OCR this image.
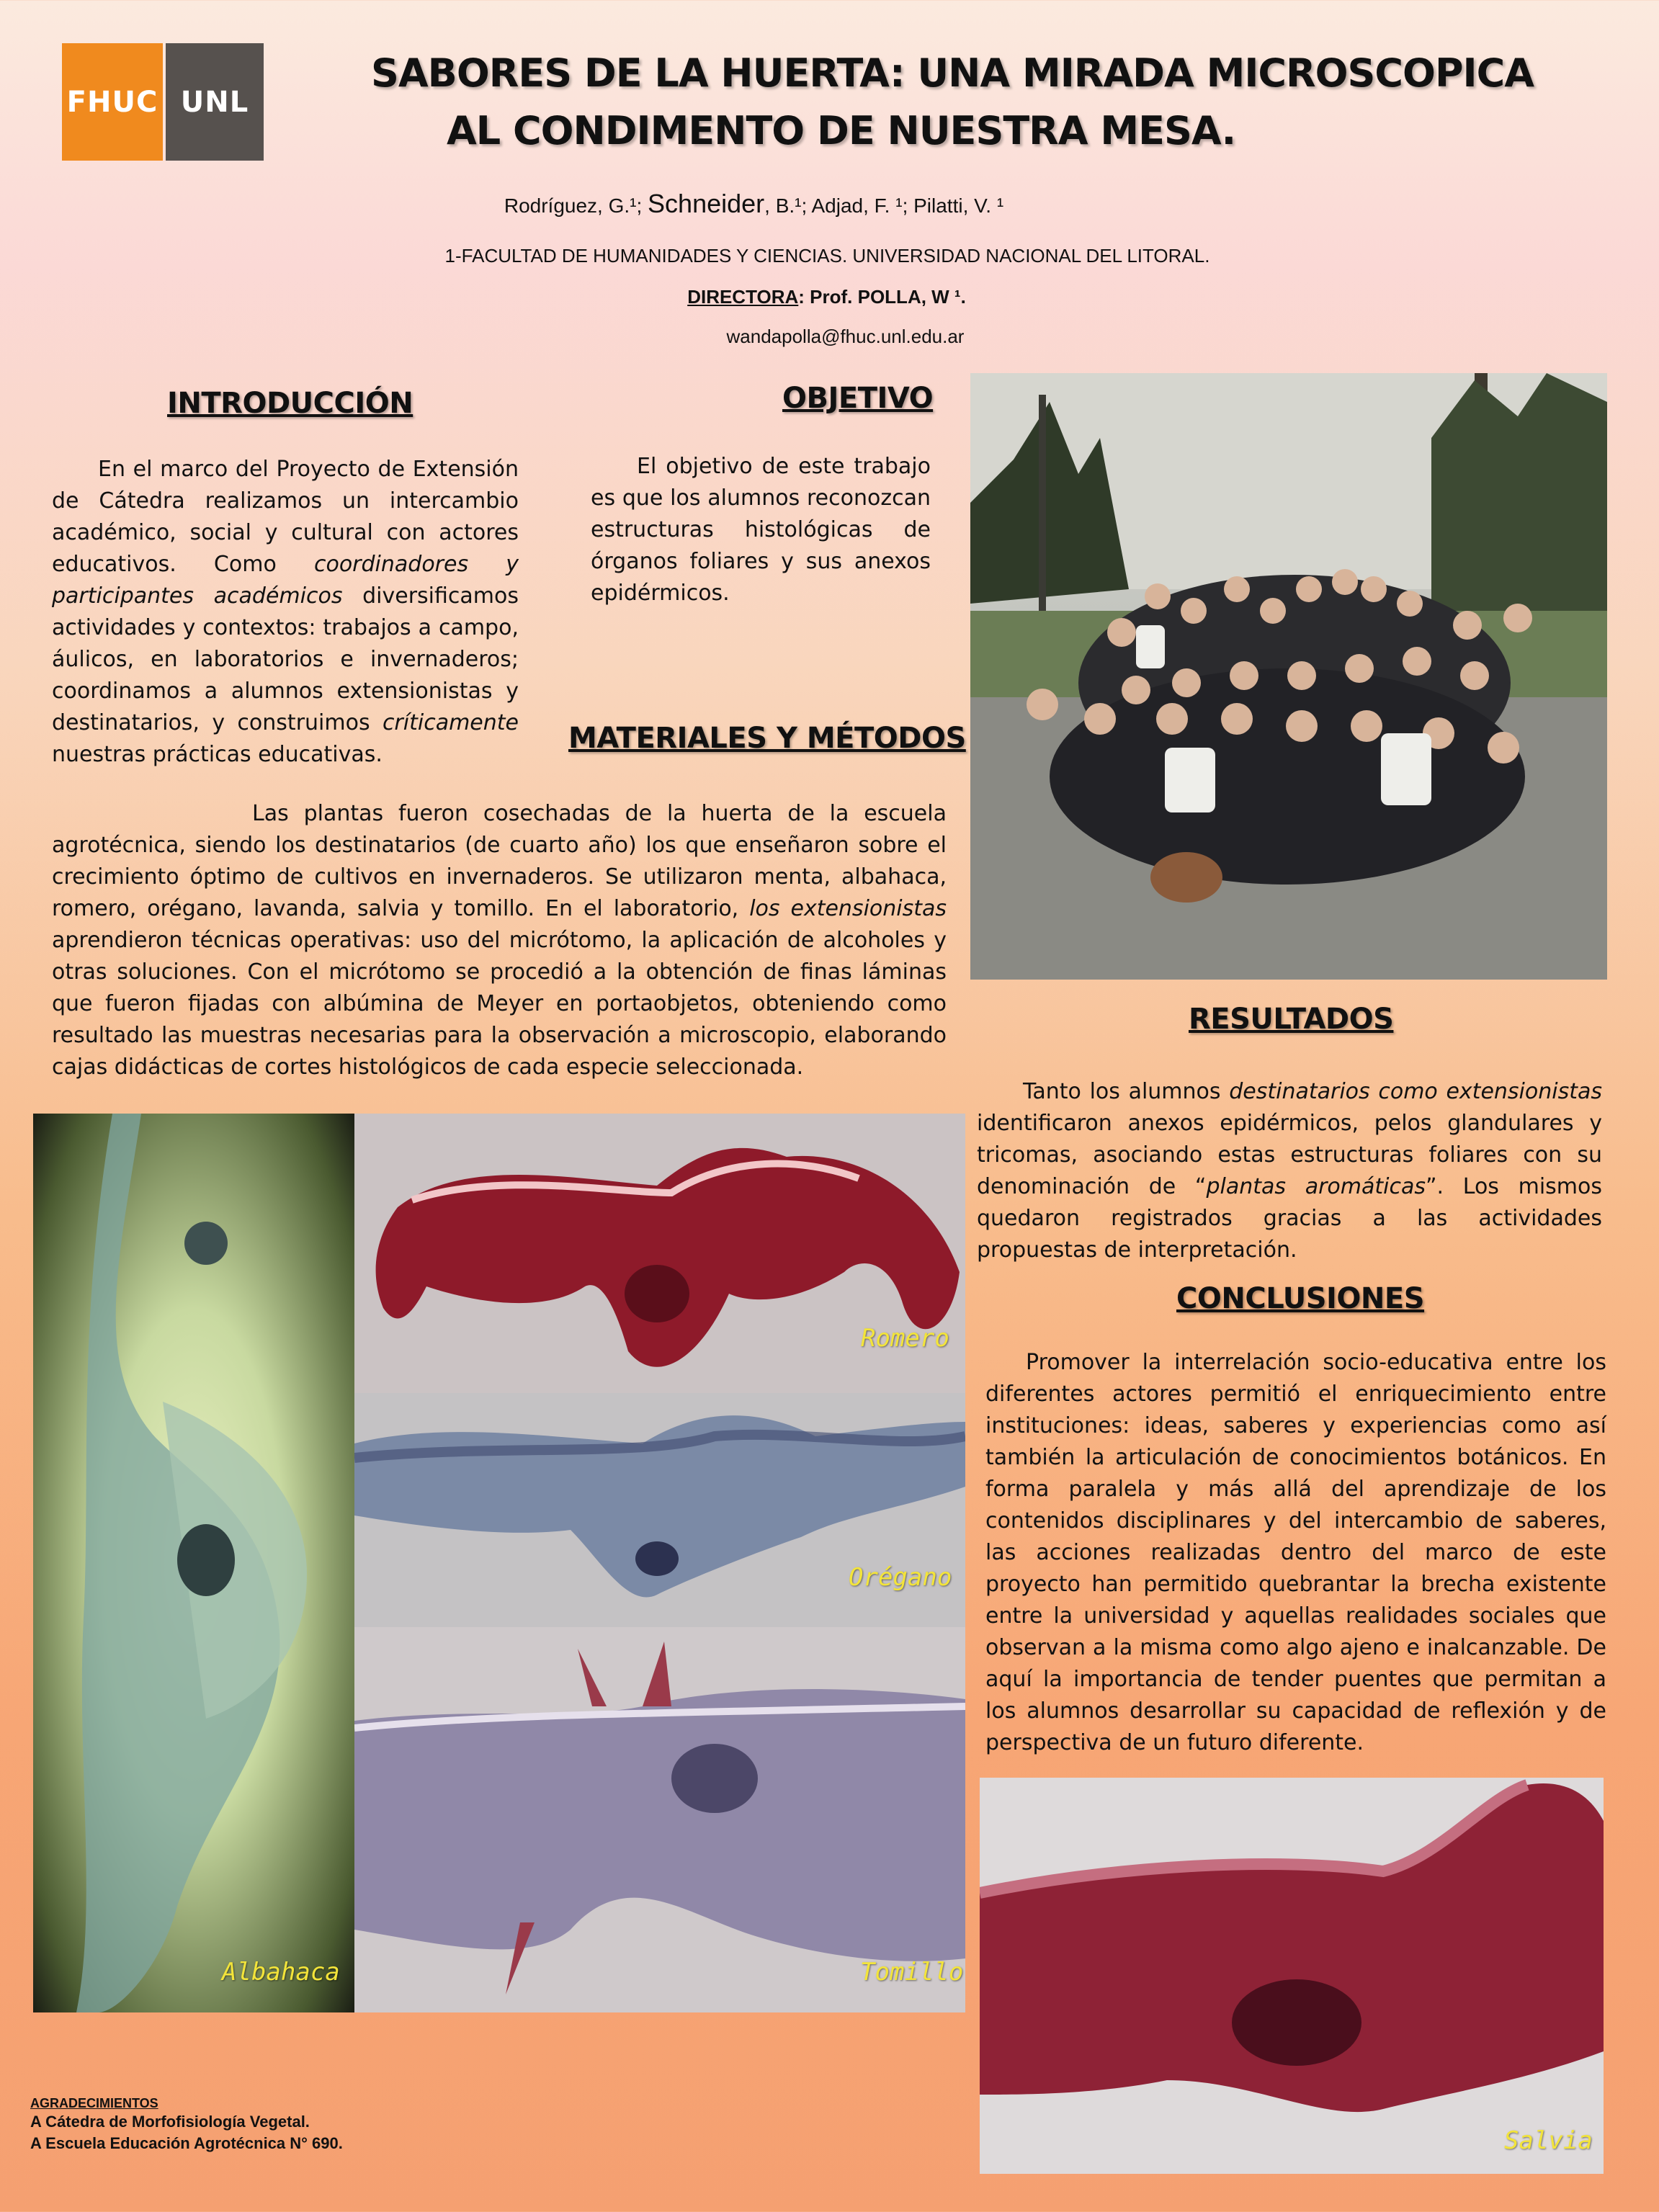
FHUC UNL
SABORES DE LA HUERTA: UNA MIRADA MICROSCOPICA
AL CONDIMENTO DE NUESTRA MESA.
Rodríguez, G.¹; Schneider, B.¹; Adjad, F. ¹; Pilatti, V. ¹
1-FACULTAD DE HUMANIDADES Y CIENCIAS. UNIVERSIDAD NACIONAL DEL LITORAL.
DIRECTORA: Prof. POLLA, W ¹.
wandapolla@fhuc.unl.edu.ar
INTRODUCCIÓN
En el marco del Proyecto de Extensión de Cátedra realizamos un intercambio académico, social y cultural con actores educativos. Como coordinadores y participantes académicos diversificamos actividades y contextos: trabajos a campo, áulicos, en laboratorios e invernaderos; coordinamos a alumnos extensionistas y destinatarios, y construimos críticamente nuestras prácticas educativas.
OBJETIVO
El objetivo de este trabajo es que los alumnos reconozcan estructuras histológicas de órganos foliares y sus anexos epidérmicos.
MATERIALES Y MÉTODOS
Las plantas fueron cosechadas de la huerta de la escuela agrotécnica, siendo los destinatarios (de cuarto año) los que enseñaron sobre el crecimiento óptimo de cultivos en invernaderos. Se utilizaron menta, albahaca, romero, orégano, lavanda, salvia y tomillo. En el laboratorio, los extensionistas aprendieron técnicas operativas: uso del micrótomo, la aplicación de alcoholes y otras soluciones. Con el micrótomo se procedió a la obtención de finas láminas que fueron fijadas con albúmina de Meyer en portaobjetos, obteniendo como resultado las muestras necesarias para la observación a microscopio, elaborando cajas didácticas de cortes histológicos de cada especie seleccionada.
RESULTADOS
Tanto los alumnos destinatarios como extensionistas identificaron anexos epidérmicos, pelos glandulares y tricomas, asociando estas estructuras foliares con su denominación de “plantas aromáticas”. Los mismos quedaron registrados gracias a las actividades propuestas de interpretación.
CONCLUSIONES
Promover la interrelación socio-educativa entre los diferentes actores permitió el enriquecimiento entre instituciones: ideas, saberes y experiencias como así también la articulación de conocimientos botánicos. En forma paralela y más allá del aprendizaje de los contenidos disciplinares y del intercambio de saberes, las acciones realizadas dentro del marco de este proyecto han permitido quebrantar la brecha existente entre la universidad y aquellas realidades sociales que observan a la misma como algo ajeno e inalcanzable. De aquí la importancia de tender puentes que permitan a los alumnos desarrollar su capacidad de reflexión y de perspectiva de un futuro diferente.
Albahaca
Romero
Orégano
Tomillo
Salvia
AGRADECIMIENTOS
A Cátedra de Morfofisiología Vegetal.
A Escuela Educación Agrotécnica N° 690.
